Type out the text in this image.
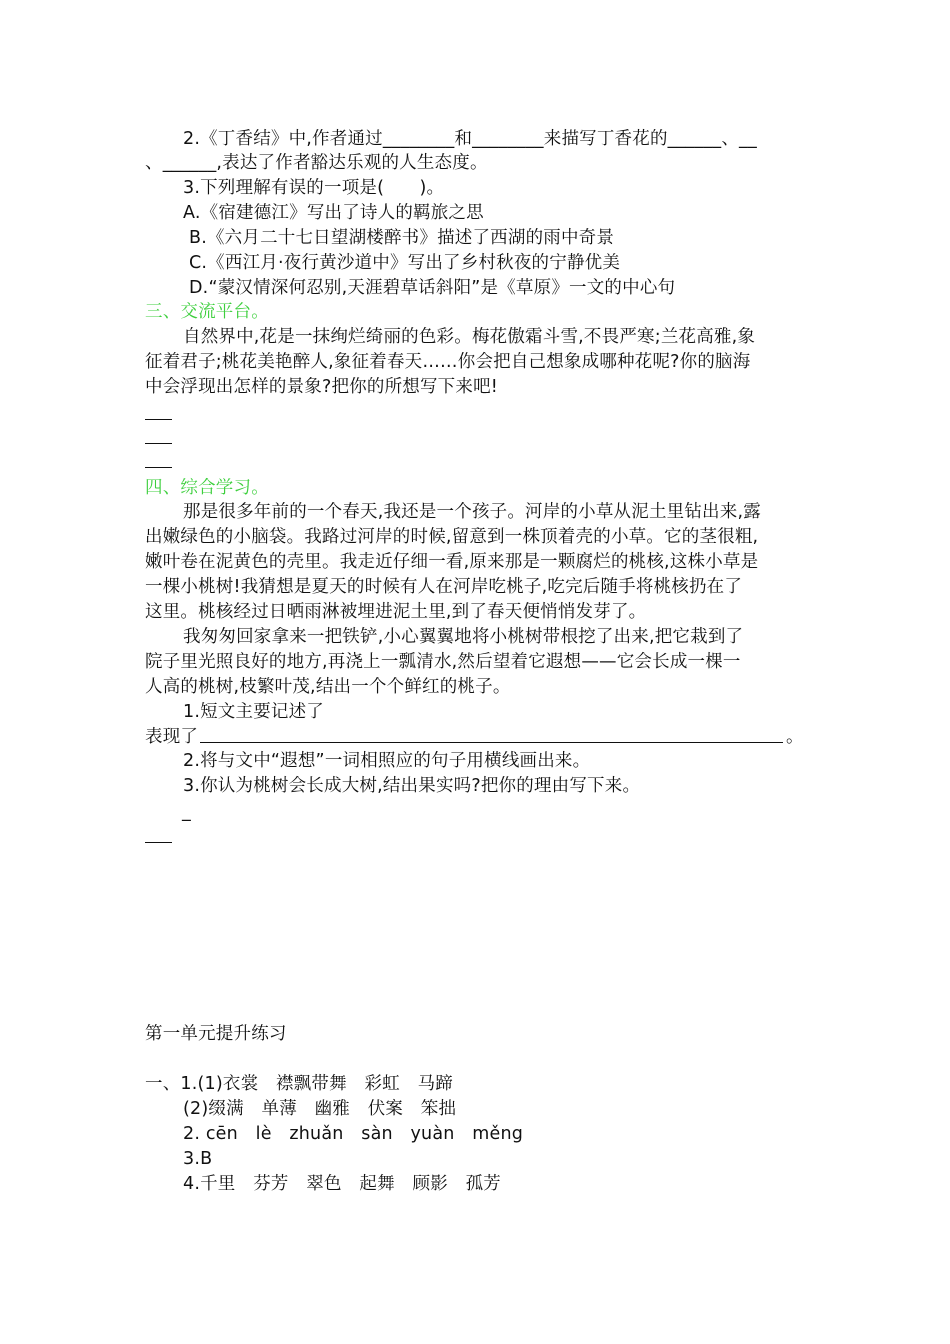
2.《丁香结》中,作者通过________和________来描写丁香花的______、__
、______,表达了作者豁达乐观的人生态度。
3.下列理解有误的一项是(　　)。
A.《宿建德江》写出了诗人的羁旅之思
B.《六月二十七日望湖楼醉书》描述了西湖的雨中奇景
C.《西江月·夜行黄沙道中》写出了乡村秋夜的宁静优美
D.“蒙汉情深何忍别,天涯碧草话斜阳”是《草原》一文的中心句
三、交流平台。
自然界中,花是一抹绚烂绮丽的色彩。梅花傲霜斗雪,不畏严寒;兰花高雅,象
征着君子;桃花美艳醉人,象征着春天……你会把自己想象成哪种花呢?你的脑海
中会浮现出怎样的景象?把你的所想写下来吧!
四、综合学习。
那是很多年前的一个春天,我还是一个孩子。河岸的小草从泥土里钻出来,露
出嫩绿色的小脑袋。我路过河岸的时候,留意到一株顶着壳的小草。它的茎很粗,
嫩叶卷在泥黄色的壳里。我走近仔细一看,原来那是一颗腐烂的桃核,这株小草是
一棵小桃树!我猜想是夏天的时候有人在河岸吃桃子,吃完后随手将桃核扔在了
这里。桃核经过日晒雨淋被埋进泥土里,到了春天便悄悄发芽了。
我匆匆回家拿来一把铁铲,小心翼翼地将小桃树带根挖了出来,把它栽到了
院子里光照良好的地方,再浇上一瓢清水,然后望着它遐想——它会长成一棵一
人高的桃树,枝繁叶茂,结出一个个鲜红的桃子。
1.短文主要记述了
表现了	。
2.将与文中“遐想”一词相照应的句子用横线画出来。
3.你认为桃树会长成大树,结出果实吗?把你的理由写下来。
_
第一单元提升练习
一、1.(1)衣裳　襟飘带舞　彩虹　马蹄
(2)缀满　单薄　幽雅　伏案　笨拙
2. cēn　lè　zhuǎn　sàn　yuàn　měng
3.B
4.千里　芬芳　翠色　起舞　顾影　孤芳
